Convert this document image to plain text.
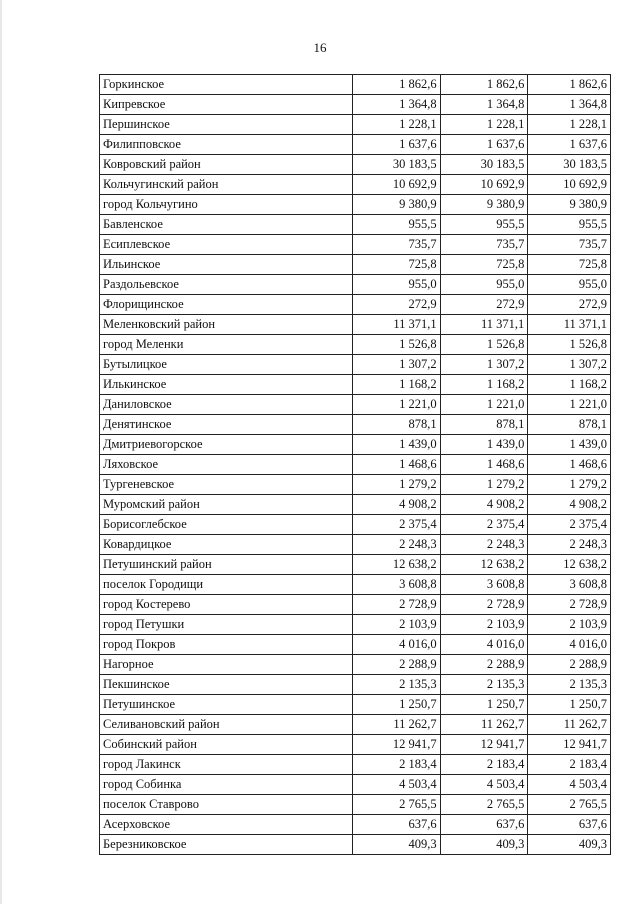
16
Горкинское	1 862,6	1 862,6	1 862,6
Кипревское	1 364,8	1 364,8	1 364,8
Першинское	1 228,1	1 228,1	1 228,1
Филипповское	1 637,6	1 637,6	1 637,6
Ковровский район	30 183,5	30 183,5	30 183,5
Кольчугинский район	10 692,9	10 692,9	10 692,9
город Кольчугино	9 380,9	9 380,9	9 380,9
Бавленское	955,5	955,5	955,5
Есиплевское	735,7	735,7	735,7
Ильинское	725,8	725,8	725,8
Раздольевское	955,0	955,0	955,0
Флорищинское	272,9	272,9	272,9
Меленковский район	11 371,1	11 371,1	11 371,1
город Меленки	1 526,8	1 526,8	1 526,8
Бутылицкое	1 307,2	1 307,2	1 307,2
Илькинское	1 168,2	1 168,2	1 168,2
Даниловское	1 221,0	1 221,0	1 221,0
Денятинское	878,1	878,1	878,1
Дмитриевогорское	1 439,0	1 439,0	1 439,0
Ляховское	1 468,6	1 468,6	1 468,6
Тургеневское	1 279,2	1 279,2	1 279,2
Муромский район	4 908,2	4 908,2	4 908,2
Борисоглебское	2 375,4	2 375,4	2 375,4
Ковардицкое	2 248,3	2 248,3	2 248,3
Петушинский район	12 638,2	12 638,2	12 638,2
поселок Городищи	3 608,8	3 608,8	3 608,8
город Костерево	2 728,9	2 728,9	2 728,9
город Петушки	2 103,9	2 103,9	2 103,9
город Покров	4 016,0	4 016,0	4 016,0
Нагорное	2 288,9	2 288,9	2 288,9
Пекшинское	2 135,3	2 135,3	2 135,3
Петушинское	1 250,7	1 250,7	1 250,7
Селивановский район	11 262,7	11 262,7	11 262,7
Собинский район	12 941,7	12 941,7	12 941,7
город Лакинск	2 183,4	2 183,4	2 183,4
город Собинка	4 503,4	4 503,4	4 503,4
поселок Ставрово	2 765,5	2 765,5	2 765,5
Асерховское	637,6	637,6	637,6
Березниковское	409,3	409,3	409,3
